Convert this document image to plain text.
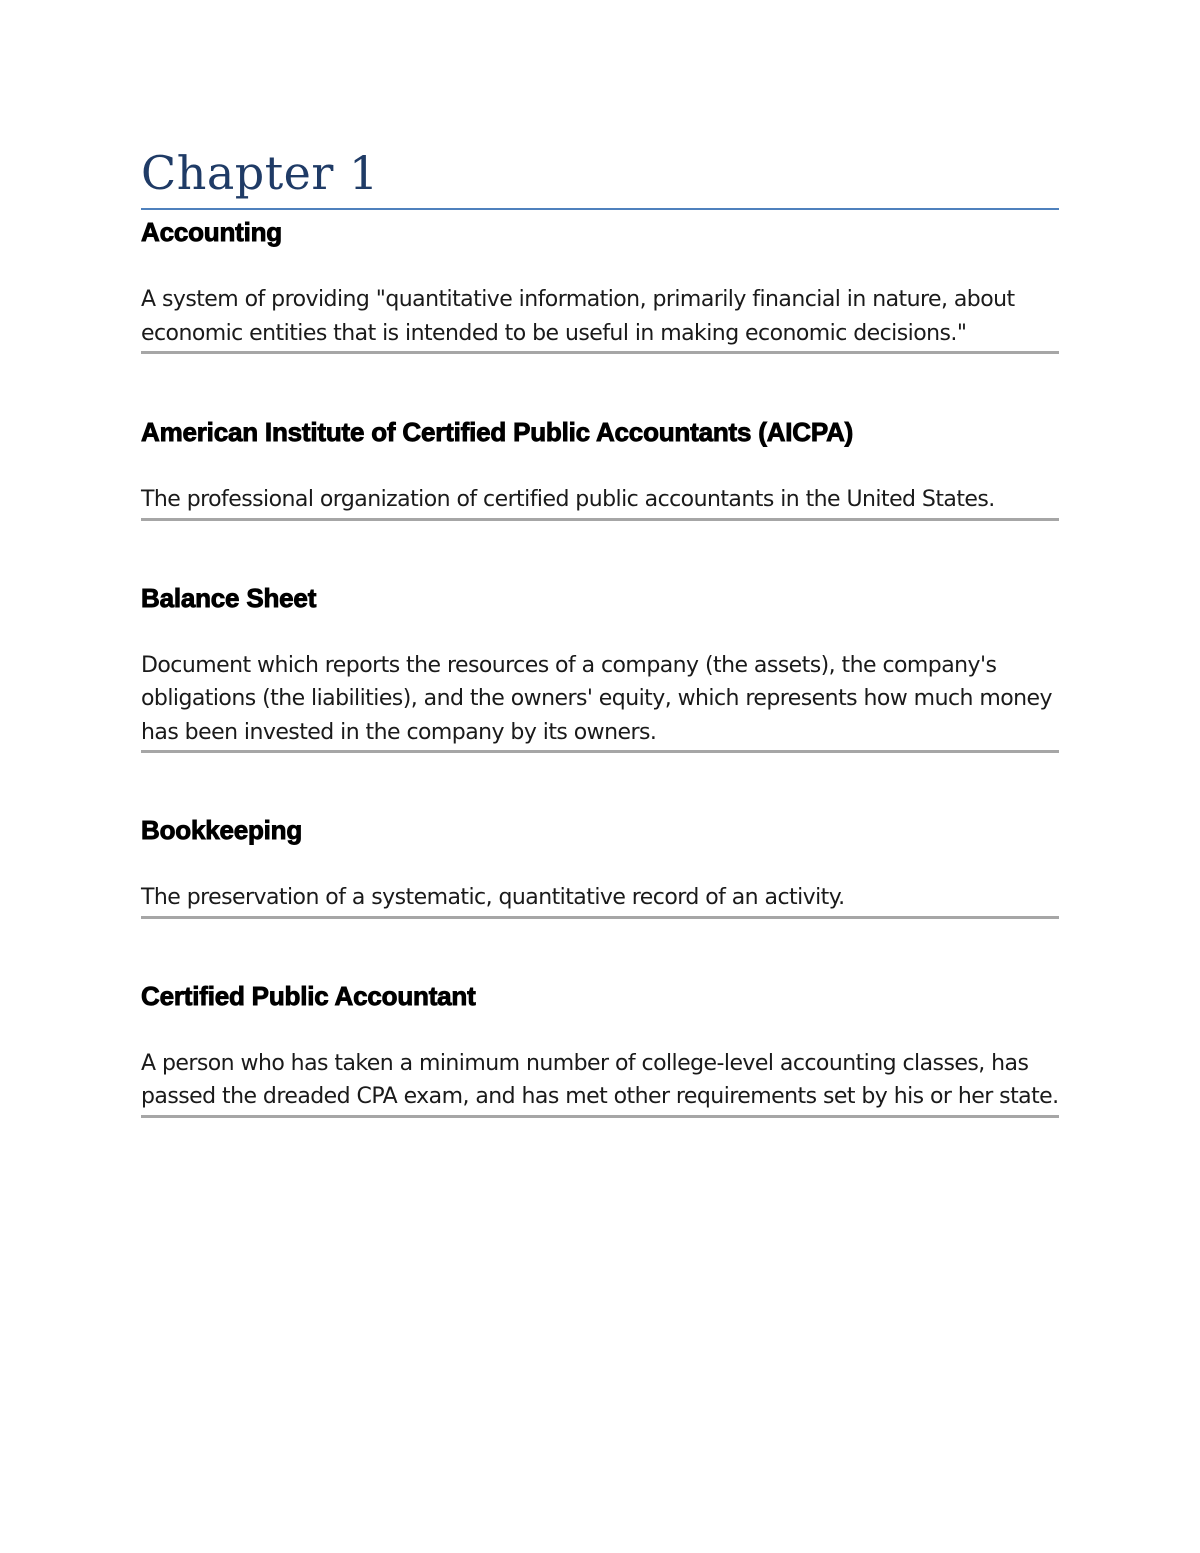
Chapter 1
Accounting

A system of providing "quantitative information, primarily financial in nature, about economic entities that is intended to be useful in making economic decisions."

American Institute of Certified Public Accountants (AICPA)

The professional organization of certified public accountants in the United States.

Balance Sheet

Document which reports the resources of a company (the assets), the company's obligations (the liabilities), and the owners' equity, which represents how much money has been invested in the company by its owners.

Bookkeeping

The preservation of a systematic, quantitative record of an activity.

Certified Public Accountant

A person who has taken a minimum number of college-level accounting classes, has passed the dreaded CPA exam, and has met other requirements set by his or her state.
